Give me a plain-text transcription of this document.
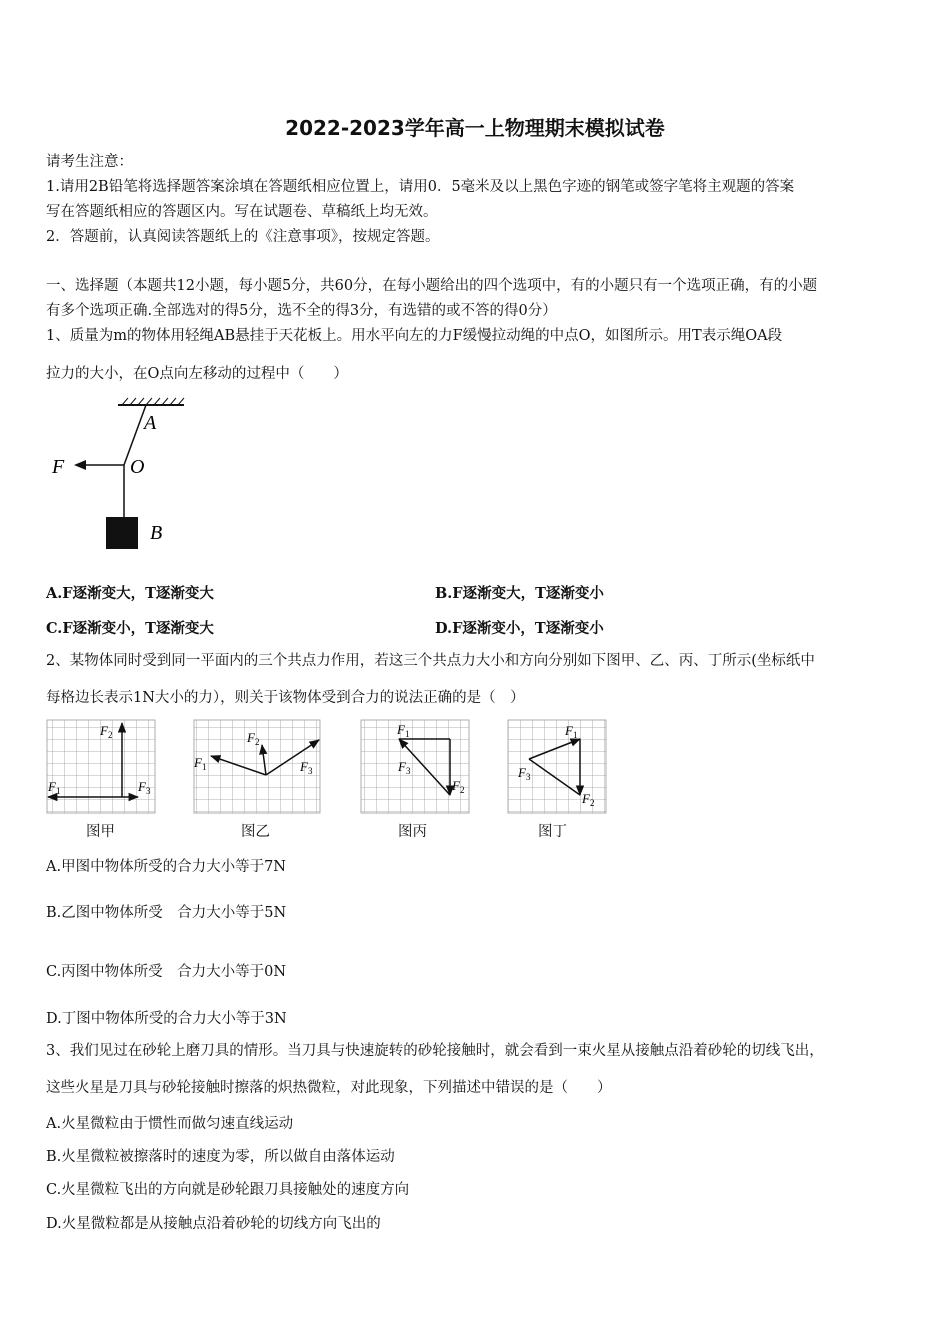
2022-2023学年高一上物理期末模拟试卷
请考生注意：
1.请用2B铅笔将选择题答案涂填在答题纸相应位置上，请用0．5毫米及以上黑色字迹的钢笔或签字笔将主观题的答案
写在答题纸相应的答题区内。写在试题卷、草稿纸上均无效。
2．答题前，认真阅读答题纸上的《注意事项》，按规定答题。
一、选择题（本题共12小题，每小题5分，共60分，在每小题给出的四个选项中，有的小题只有一个选项正确，有的小题
有多个选项正确.全部选对的得5分，选不全的得3分，有选错的或不答的得0分）
1、质量为m的物体用轻绳AB悬挂于天花板上。用水平向左的力F缓慢拉动绳的中点O，如图所示。用T表示绳OA段
拉力的大小，在O点向左移动的过程中（　　）
A
O
F
B
A.F逐渐变大，T逐渐变大	B.F逐渐变大，T逐渐变小
C.F逐渐变小，T逐渐变大	D.F逐渐变小，T逐渐变小
2、某物体同时受到同一平面内的三个共点力作用，若这三个共点力大小和方向分别如下图甲、乙、丙、丁所示(坐标纸中
每格边长表示1N大小的力），则关于该物体受到合力的说法正确的是（　）
$F_2$
$F_1$	$F_3$
$F_2$
$F_1$	$F_3$
$F_1$
$F_3$
$F_2$
$F_1$
$F_3$
$F_2$
图甲	图乙	图丙	图丁
A.甲图中物体所受的合力大小等于7N
B.乙图中物体所受　合力大小等于5N
C.丙图中物体所受　合力大小等于0N
D.丁图中物体所受的合力大小等于3N
3、我们见过在砂轮上磨刀具的情形。当刀具与快速旋转的砂轮接触时，就会看到一束火星从接触点沿着砂轮的切线飞出，
这些火星是刀具与砂轮接触时擦落的炽热微粒，对此现象，下列描述中错误的是（　　）
A.火星微粒由于惯性而做匀速直线运动
B.火星微粒被擦落时的速度为零，所以做自由落体运动
C.火星微粒飞出的方向就是砂轮跟刀具接触处的速度方向
D.火星微粒都是从接触点沿着砂轮的切线方向飞出的
